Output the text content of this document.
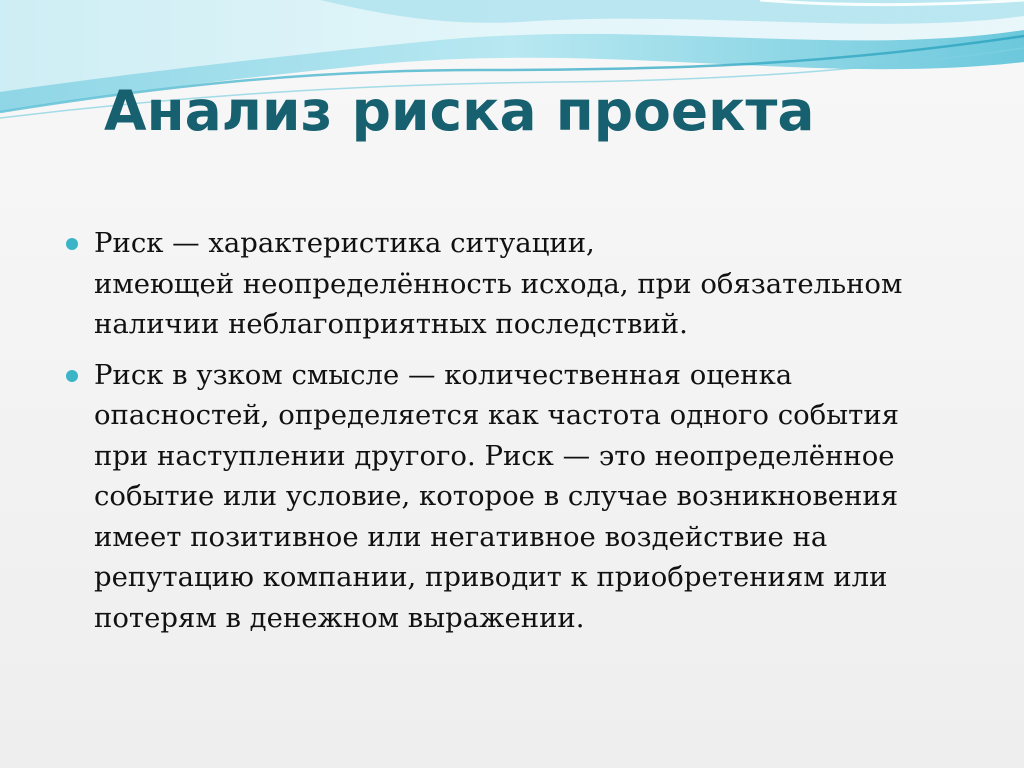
Анализ риска проекта
Риск — характеристика ситуации,
имеющей неопределённость исхода, при обязательном
наличии неблагоприятных последствий.
Риск в узком смысле — количественная оценка
опасностей, определяется как частота одного события
при наступлении другого. Риск — это неопределённое
событие или условие, которое в случае возникновения
имеет позитивное или негативное воздействие на
репутацию компании, приводит к приобретениям или
потерям в денежном выражении.
